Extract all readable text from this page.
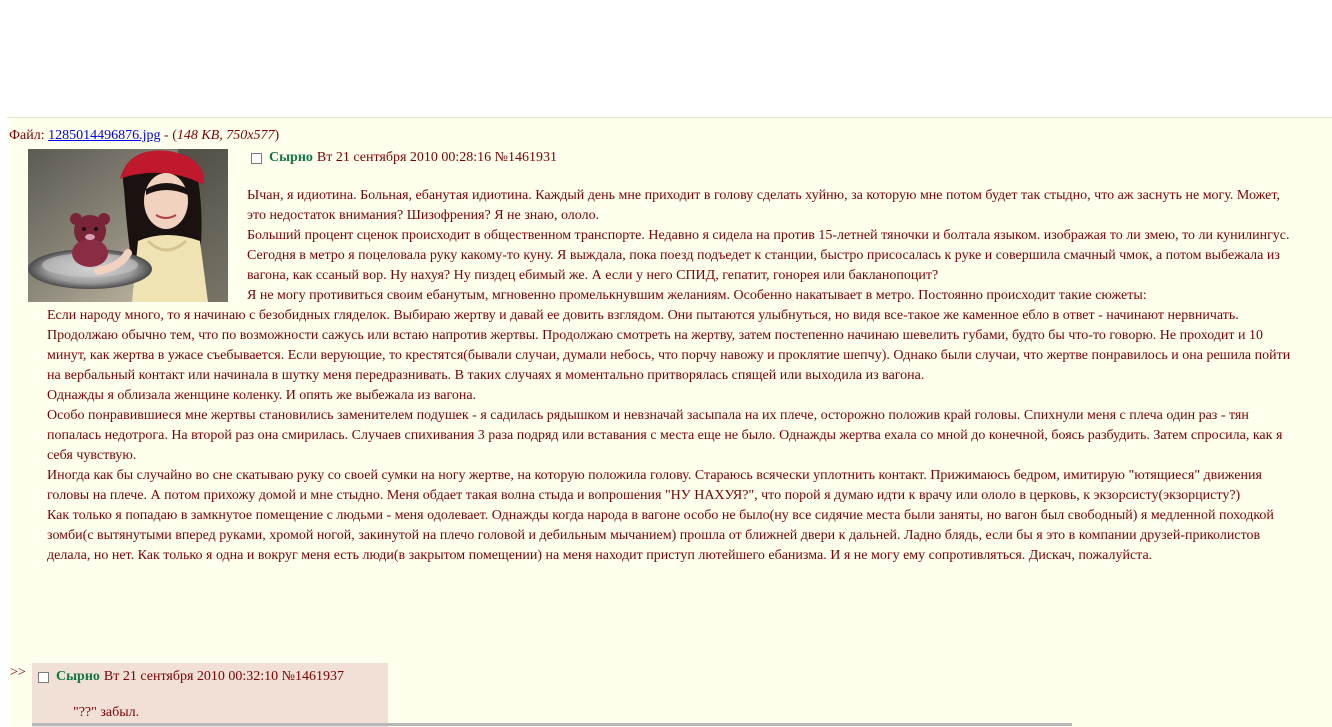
Файл: 1285014496876.jpg - (148 KB, 750x577)
Сырно Вт 21 сентября 2010 00:28:16
№1461931

Ычан, я идиотина. Больная, ебанутая идиотина. Каждый день мне приходит в голову сделать хуйню, за которую мне потом будет так стыдно, что аж заснуть не могу. Может, это недостаток внимания? Шизофрения? Я не знаю, ололо.

Больший процент сценок происходит в общественном транспорте. Недавно я сидела на против 15-летней тяночки и болтала языком. изображая то ли змею, то ли кунилингус.

Сегодня в метро я поцеловала руку какому-то куну. Я выждала, пока поезд подъедет к станции, быстро присосалась к руке и совершила смачный чмок, а потом выбежала из вагона, как ссаный вор. Ну нахуя? Ну пиздец ебимый же. А если у него СПИД, гепатит, гонорея или бакланопоцит?

Я не могу противиться своим ебанутым, мгновенно промелькнувшим желаниям. Особенно накатывает в метро. Постоянно происходит такие сюжеты:

Если народу много, то я начинаю с безобидных гляделок. Выбираю жертву и давай ее довить взглядом. Они пытаются улыбнуться, но видя все-такое же каменное ебло в ответ - начинают нервничать. Продолжаю обычно тем, что по возможности сажусь или встаю напротив жертвы. Продолжаю смотреть на жертву, затем постепенно начинаю шевелить губами, будто бы что-то говорю. Не проходит и 10 минут, как жертва в ужасе съебывается. Если верующие, то крестятся(бывали случаи, думали небось, что порчу навожу и проклятие шепчу). Однако были случаи, что жертве понравилось и она решила пойти на вербальный контакт или начинала в шутку меня передразнивать. В таких случаях я моментально притворялась спящей или выходила из вагона.

Однажды я облизала женщине коленку. И опять же выбежала из вагона.

Особо понравившиеся мне жертвы становились заменителем подушек - я садилась рядышком и невзначай засыпала на их плече, осторожно положив край головы. Спихнули меня с плеча один раз - тян попалась недотрога. На второй раз она смирилась. Случаев спихивания 3 раза подряд или вставания с места еще не было. Однажды жертва ехала со мной до конечной, боясь разбудить. Затем спросила, как я себя чувствую.

Иногда как бы случайно во сне скатываю руку со своей сумки на ногу жертве, на которую положила голову. Стараюсь всячески уплотнить контакт. Прижимаюсь бедром, имитирую "ютящиеся" движения головы на плече. А потом прихожу домой и мне стыдно. Меня обдает такая волна стыда и вопрошения "НУ НАХУЯ?", что порой я думаю идти к врачу или ололо в церковь, к экзорсисту(экзорцисту?)

Как только я попадаю в замкнутое помещение с людьми - меня одолевает. Однажды когда народа в вагоне особо не было(ну все сидячие места были заняты, но вагон был свободный) я медленной походкой зомби(с вытянутыми вперед руками, хромой ногой, закинутой на плечо головой и дебильным мычанием) прошла от ближней двери к дальней. Ладно блядь, если бы я это в компании друзей-приколистов делала, но нет. Как только я одна и вокруг меня есть люди(в закрытом помещении) на меня находит приступ лютейшего ебанизма. И я не могу ему сопротивляться. Дискач, пожалуйста.

>> Сырно Вт 21 сентября 2010 00:32:10
№1461937
"??" забыл.
